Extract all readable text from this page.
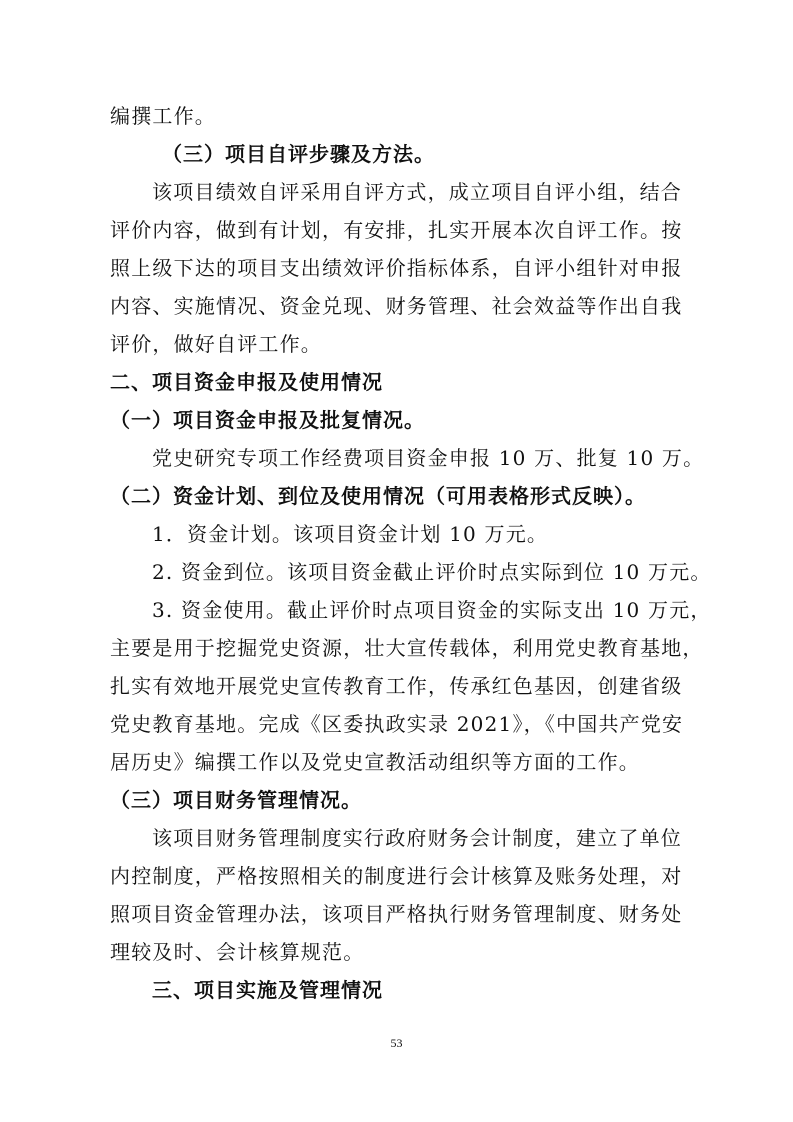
编撰工作。
（三）项目自评步骤及方法。
该项目绩效自评采用自评方式，成立项目自评小组，结合
评价内容，做到有计划，有安排，扎实开展本次自评工作。按
照上级下达的项目支出绩效评价指标体系，自评小组针对申报
内容、实施情况、资金兑现、财务管理、社会效益等作出自我
评价，做好自评工作。
二、项目资金申报及使用情况
（一）项目资金申报及批复情况。
党史研究专项工作经费项目资金申报 10 万、批复 10 万。
（二）资金计划、到位及使用情况（可用表格形式反映）。
1．资金计划。该项目资金计划 10 万元。
2. 资金到位。该项目资金截止评价时点实际到位 10 万元。
3. 资金使用。截止评价时点项目资金的实际支出 10 万元，
主要是用于挖掘党史资源，壮大宣传载体，利用党史教育基地，
扎实有效地开展党史宣传教育工作，传承红色基因，创建省级
党史教育基地。完成《区委执政实录 2021》，《中国共产党安
居历史》编撰工作以及党史宣教活动组织等方面的工作。
（三）项目财务管理情况。
该项目财务管理制度实行政府财务会计制度，建立了单位
内控制度，严格按照相关的制度进行会计核算及账务处理，对
照项目资金管理办法，该项目严格执行财务管理制度、财务处
理较及时、会计核算规范。
三、项目实施及管理情况
53
